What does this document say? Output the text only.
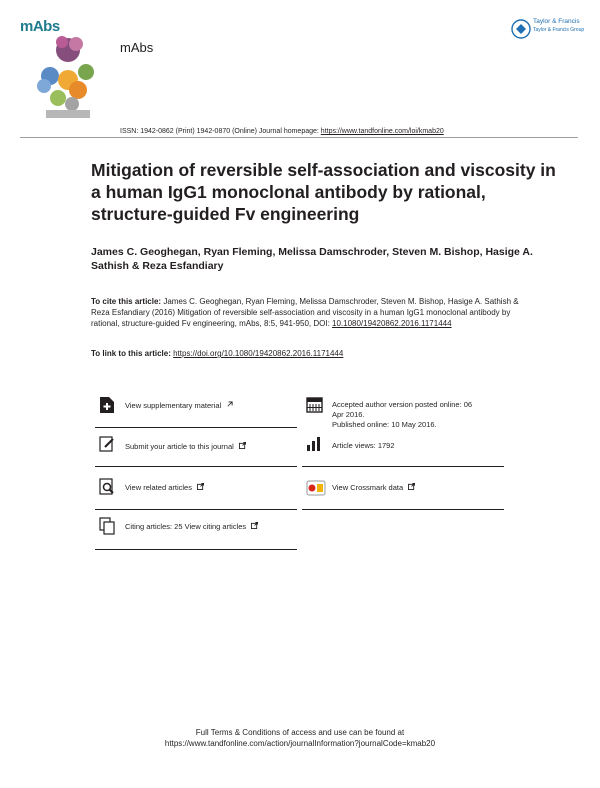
mAbs
mAbs
Taylor & Francis
Taylor & Francis Group
ISSN: 1942-0862 (Print) 1942-0870 (Online) Journal homepage: https://www.tandfonline.com/loi/kmab20
Mitigation of reversible self-association and viscosity in a human IgG1 monoclonal antibody by rational, structure-guided Fv engineering
James C. Geoghegan, Ryan Fleming, Melissa Damschroder, Steven M. Bishop, Hasige A. Sathish & Reza Esfandiary
To cite this article: James C. Geoghegan, Ryan Fleming, Melissa Damschroder, Steven M. Bishop, Hasige A. Sathish & Reza Esfandiary (2016) Mitigation of reversible self-association and viscosity in a human IgG1 monoclonal antibody by rational, structure-guided Fv engineering, mAbs, 8:5, 941-950, DOI: 10.1080/19420862.2016.1171444
To link to this article: https://doi.org/10.1080/19420862.2016.1171444
View supplementary material
Submit your article to this journal
View related articles
Citing articles: 25 View citing articles
Accepted author version posted online: 06
Apr 2016.
Published online: 10 May 2016.
Article views: 1792
View Crossmark data
Full Terms & Conditions of access and use can be found at
https://www.tandfonline.com/action/journalInformation?journalCode=kmab20
